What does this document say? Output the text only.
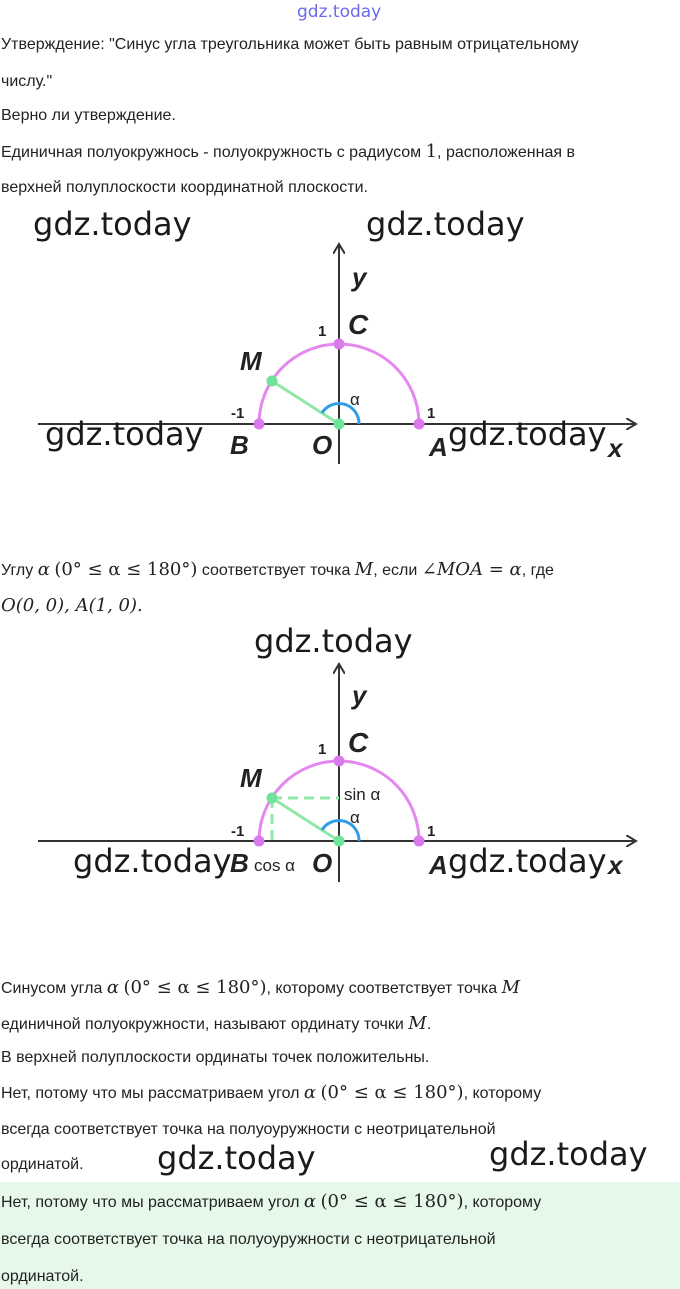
gdz.today
Утверждение: "Синус угла треугольника может быть равным отрицательному
числу."
Верно ли утверждение.
Единичная полуокружнось - полуокружность с радиусом 1, расположенная в
верхней полуплоскости координатной плоскости.
y
x
C
1
M
α
-1	1
B O	A
gdz.today	gdz.today
gdz.today	gdz.today
Углу α (0° ≤ α ≤ 180°) соответствует точка M, если ∠MOA = α, где
O(0, 0), A(1, 0).
y
x
C
1
M
sin α
α
-1	1
B cos α O	A
gdz.today
gdz.today	gdz.today
Синусом угла α (0° ≤ α ≤ 180°), которому соответствует точка M
единичной полуокружности, называют ординату точки M.
В верхней полуплоскости ординаты точек положительны.
Нет, потому что мы рассматриваем угол α (0° ≤ α ≤ 180°), которому
всегда соответствует точка на полуоуружности с неотрицательной
ординатой. gdz.today	gdz.today
Нет, потому что мы рассматриваем угол α (0° ≤ α ≤ 180°), которому
всегда соответствует точка на полуоуружности с неотрицательной
ординатой.
